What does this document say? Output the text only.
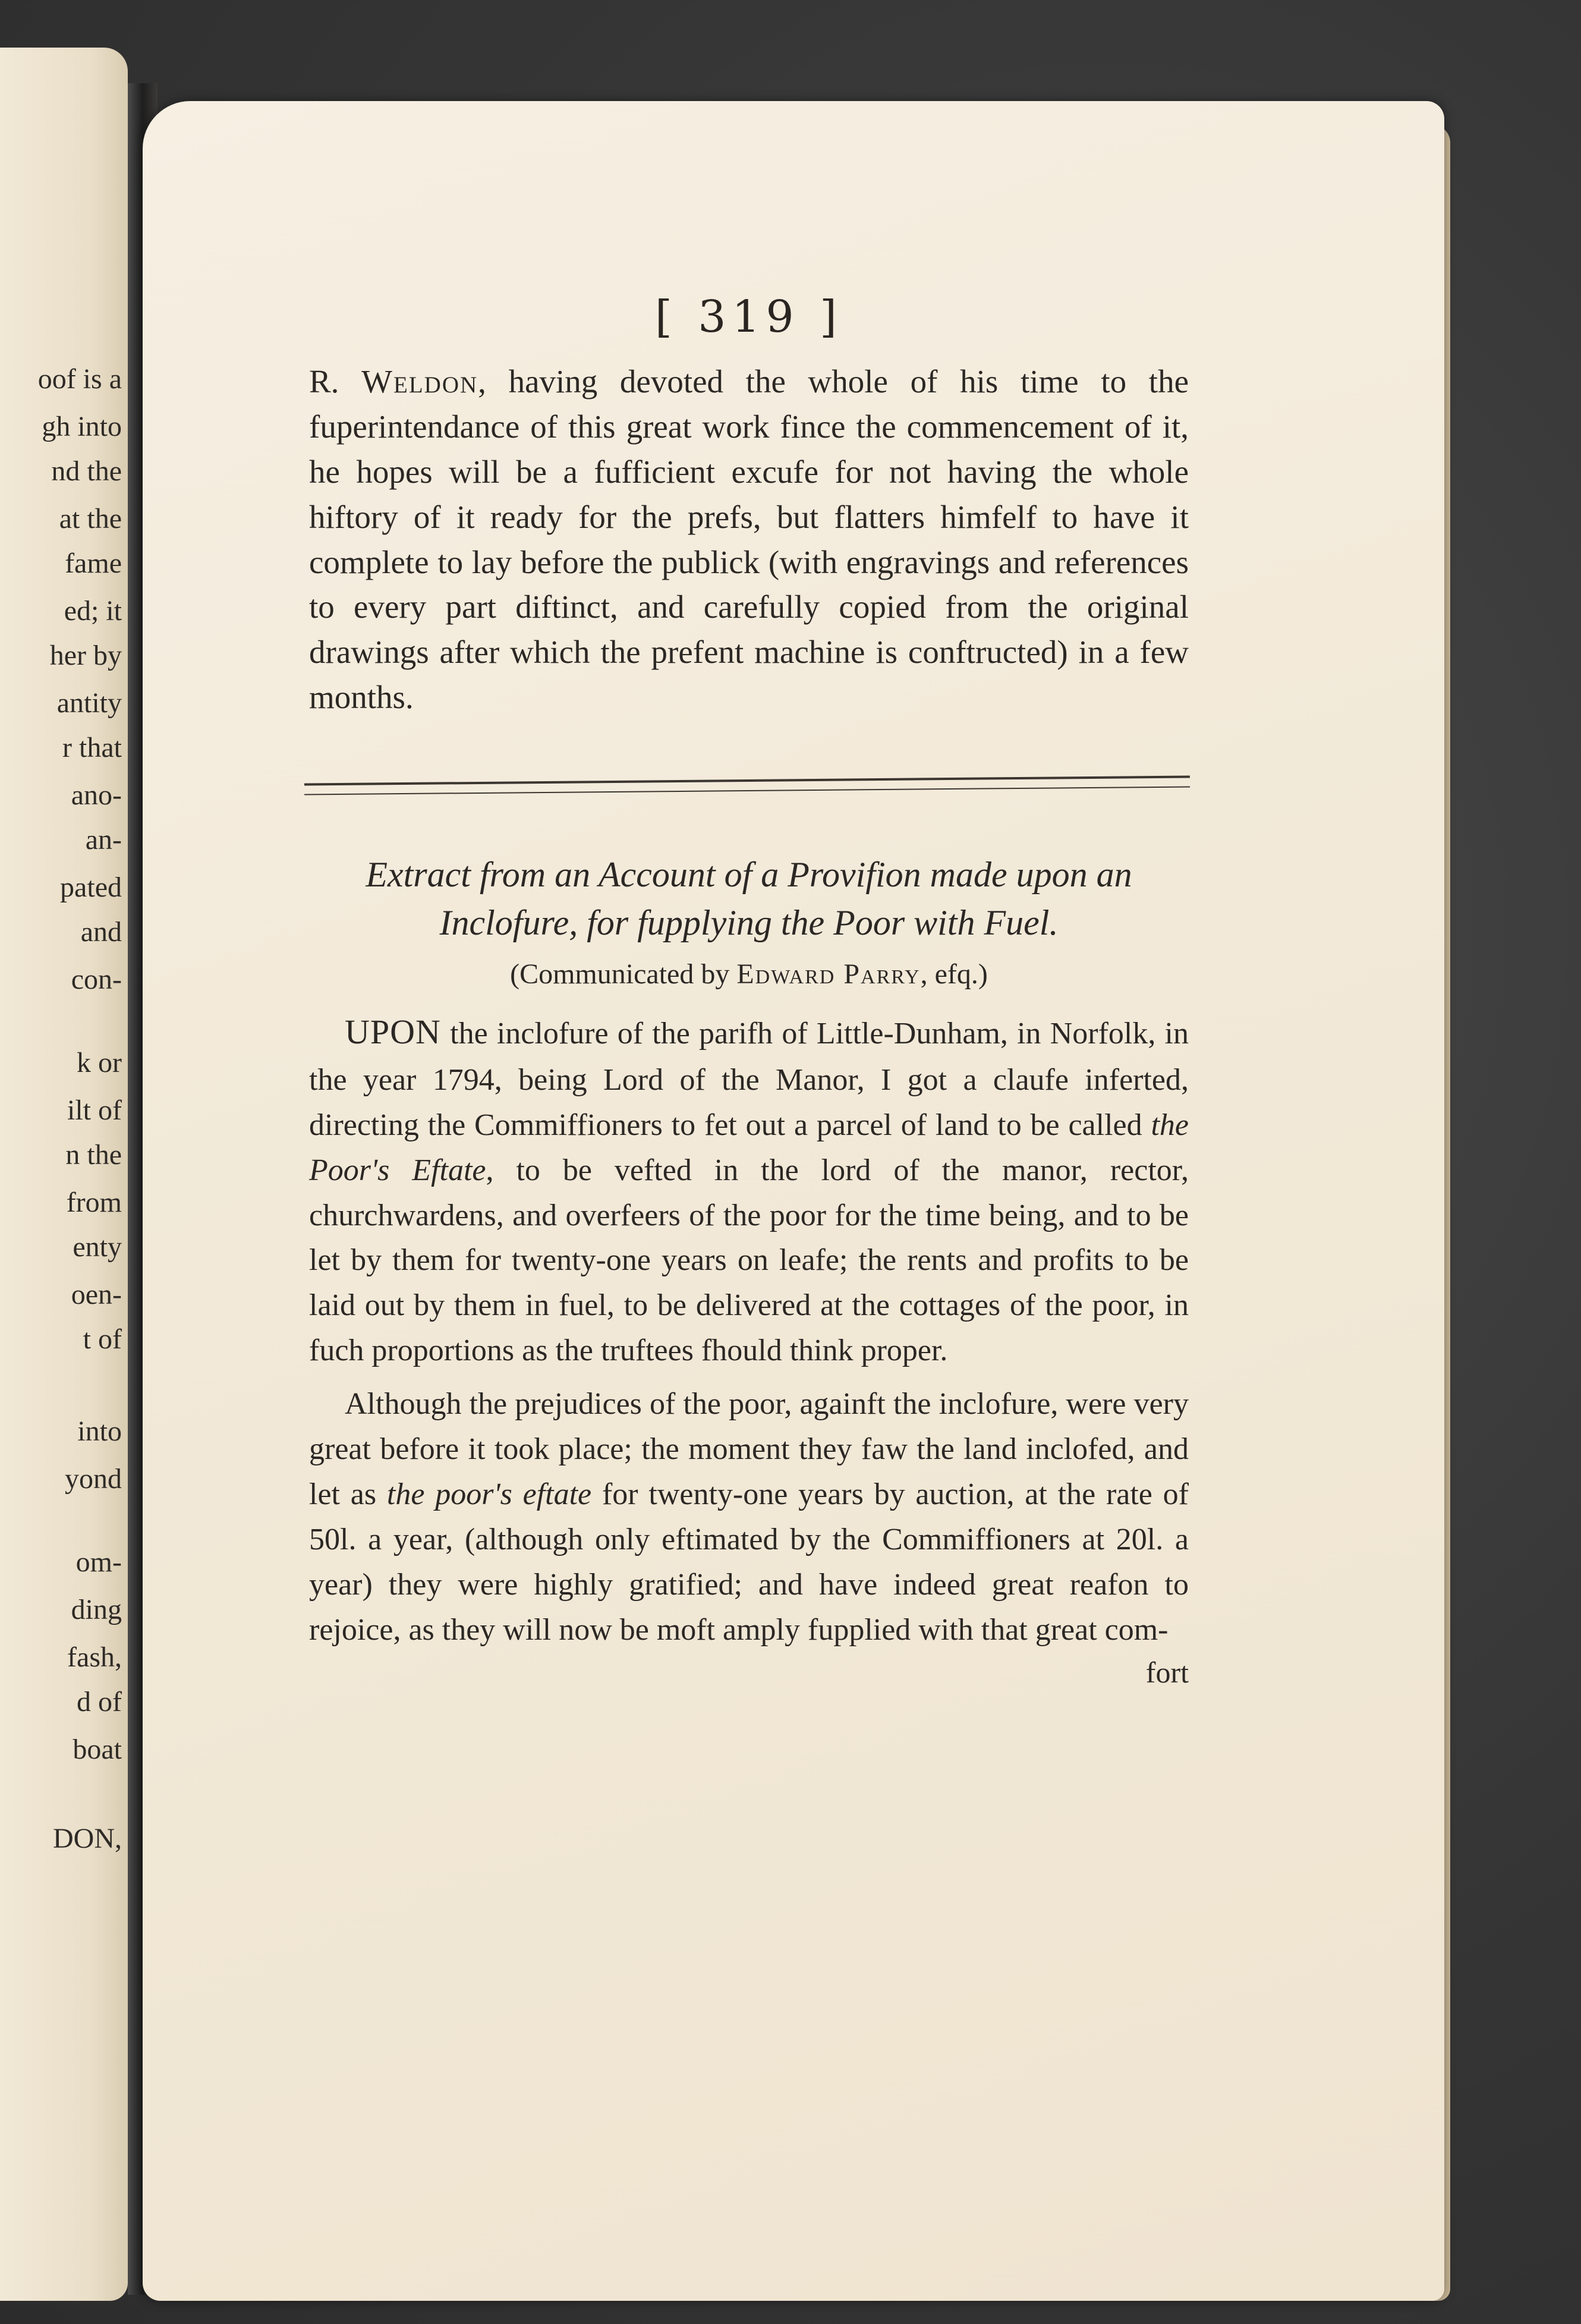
oof is a
gh into
nd the
at the
fame
ed; it
her by
antity
r that
ano-
an-
pated
and
con-
k or
ilt of
n the
from
enty
oen-
t of
into
yond
om-
ding
fash,
d of
boat
DON,
[ 319 ]

R. Weldon, having devoted the whole of his time to the fuperintendance of this great work fince the commencement of it, he hopes will be a fufficient excufe for not having the whole hiftory of it ready for the prefs, but flatters himfelf to have it complete to lay before the publick (with engravings and references to every part diftinct, and carefully copied from the original drawings after which the prefent machine is conftructed) in a few months.

Extract from an Account of a Provifion made upon an Inclofure, for fupplying the Poor with Fuel.

(Communicated by Edward Parry, efq.)

UPON the inclofure of the parifh of Little-Dunham, in Norfolk, in the year 1794, being Lord of the Manor, I got a claufe inferted, directing the Commiffioners to fet out a parcel of land to be called the Poor's Eftate, to be vefted in the lord of the manor, rector, churchwardens, and overfeers of the poor for the time being, and to be let by them for twenty-one years on leafe; the rents and profits to be laid out by them in fuel, to be delivered at the cottages of the poor, in fuch proportions as the truftees fhould think proper.

Although the prejudices of the poor, againft the inclofure, were very great before it took place; the moment they faw the land inclofed, and let as the poor's eftate for twenty-one years by auction, at the rate of 50l. a year, (although only eftimated by the Commiffioners at 20l. a year) they were highly gratified; and have indeed great reafon to rejoice, as they will now be moft amply fupplied with that great com-

fort
